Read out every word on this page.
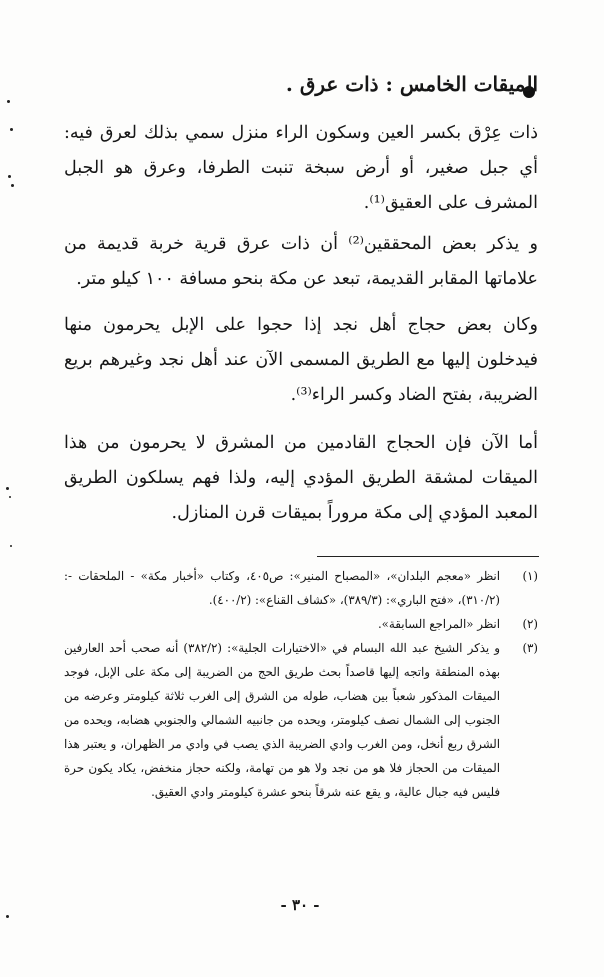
الميقات الخامس : ذات عرق .
ذات عِرْق بكسر العين وسكون الراء منزل سمي بذلك لعرق فيه: أي جبل صغير، أو أرض سبخة تنبت الطرفا، وعرق هو الجبل المشرف على العقيق⁽¹⁾.
و يذكر بعض المحققين⁽²⁾ أن ذات عرق قرية خربة قديمة من علاماتها المقابر القديمة، تبعد عن مكة بنحو مسافة ١٠٠ كيلو متر.
وكان بعض حجاج أهل نجد إذا حجوا على الإبل يحرمون منها فيدخلون إليها مع الطريق المسمى الآن عند أهل نجد وغيرهم بريع الضريبة، بفتح الضاد وكسر الراء⁽³⁾.
أما الآن فإن الحجاج القادمين من المشرق لا يحرمون من هذا الميقات لمشقة الطريق المؤدي إليه، ولذا فهم يسلكون الطريق المعبد المؤدي إلى مكة مروراً بميقات قرن المنازل.
(١)
انظر «معجم البلدان»، «المصباح المنير»: ص٤٠٥، وكتاب «أخبار مكة» - الملحقات -: (٣١٠/٢)، «فتح الباري»: (٣٨٩/٣)، «كشاف القناع»: (٤٠٠/٢).
(٢)
انظر «المراجع السابقة».
(٣)
و يذكر الشيخ عبد الله البسام في «الاختيارات الجلية»: (٣٨٢/٢) أنه صحب أحد العارفين بهذه المنطقة واتجه إليها قاصداً بحث طريق الحج من الضريبة إلى مكة على الإبل، فوجد الميقات المذكور شعباً بين هضاب، طوله من الشرق إلى الغرب ثلاثة كيلومتر وعرضه من الجنوب إلى الشمال نصف كيلومتر، ويحده من جانبيه الشمالي والجنوبي هضابه، ويحده من الشرق ربع أنخل، ومن الغرب وادي الضريبة الذي يصب في وادي مر الظهران، و يعتبر هذا الميقات من الحجاز فلا هو من نجد ولا هو من تهامة، ولكنه حجاز منخفض، يكاد يكون حرة فليس فيه جبال عالية، و يقع عنه شرقاً بنحو عشرة كيلومتر وادي العقيق.
- ٣٠ -
